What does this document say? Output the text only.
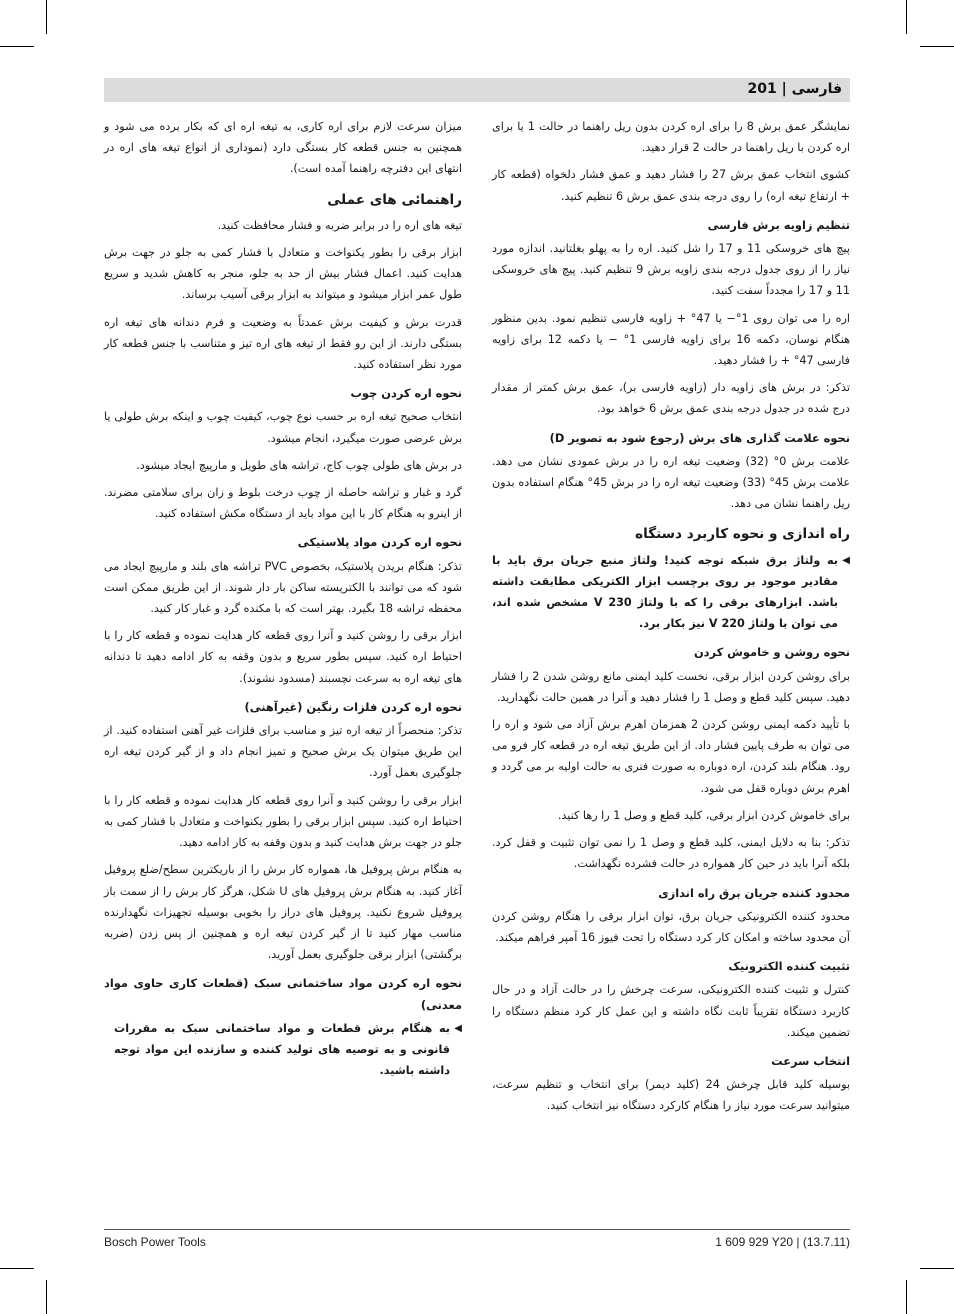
فارسی | 201

نمایشگر عمق برش 8 را برای اره کردن بدون ریل راهنما در حالت 1 یا برای اره کردن با ریل راهنما در حالت 2 قرار دهید.

کشوی انتخاب عمق برش 27 را فشار دهید و عمق فشار دلخواه (قطعه کار + ارتفاع تیغه اره) را روی درجه بندی عمق برش 6 تنظیم کنید.

تنظیم زاویه برش فارسی

پیچ های خروسکی 11 و 17 را شل کنید. اره را به پهلو بغلتانید. اندازه مورد نیاز را از روی جدول درجه بندی زاویه برش 9 تنظیم کنید. پیچ های خروسکی 11 و 17 را مجدداً سفت کنید.

اره را می توان روی 1°− یا 47° + زاویه فارسی تنظیم نمود. بدین منظور هنگام نوسان، دکمه 16 برای زاویه فارسی 1° − یا دکمه 12 برای زاویه فارسی 47° + را فشار دهید.

تذکر: در برش های زاویه دار (زاویه فارسی بر)، عمق برش کمتر از مقدار درج شده در جدول درجه بندی عمق برش 6 خواهد بود.

نحوه علامت گذاری های برش (رجوع شود به تصویر D)

علامت برش 0° (32) وضعیت تیغه اره را در برش عمودی نشان می دهد. علامت برش 45° (33) وضعیت تیغه اره را در برش 45° هنگام استفاده بدون ریل راهنما نشان می دهد.

راه اندازی و نحوه کاربرد دستگاه
◀
به ولتاژ برق شبکه توجه کنید! ولتاژ منبع جریان برق باید با مقادیر موجود بر روی برچسب ابزار الکتریکی مطابقت داشته باشد. ابزارهای برقی را که با ولتاژ 230 V مشخص شده اند، می توان با ولتاژ 220 V نیز بکار برد.
نحوه روشن و خاموش کردن

برای روشن کردن ابزار برقی، نخست کلید ایمنی مانع روشن شدن 2 را فشار دهید. سپس کلید قطع و وصل 1 را فشار دهید و آنرا در همین حالت نگهدارید.

با تأیید دکمه ایمنی روشن کردن 2 همزمان اهرم برش آزاد می شود و اره را می توان به طرف پایین فشار داد. از این طریق تیغه اره در قطعه کار فرو می رود. هنگام بلند کردن، اره دوباره به صورت فنری به حالت اولیه بر می گردد و اهرم برش دوباره قفل می شود.

برای خاموش کردن ابزار برقی، کلید قطع و وصل 1 را رها کنید.

تذکر: بنا به دلایل ایمنی، کلید قطع و وصل 1 را نمی توان تثبیت و قفل کرد. بلکه آنرا باید در حین کار همواره در حالت فشرده نگهداشت.

محدود کننده جریان برق راه اندازی

محدود کننده الکترونیکی جریان برق، توان ابزار برقی را هنگام روشن کردن آن محدود ساخته و امکان کار کرد دستگاه را تحت فیوز 16 آمپر فراهم میکند.

تثبیت کننده الکترونیک

کنترل و تثبیت کننده الکترونیکی، سرعت چرخش را در حالت آزاد و در حال کاربرد دستگاه تقریباً ثابت نگاه داشته و این عمل کار کرد منظم دستگاه را تضمین میکند.

انتخاب سرعت

بوسیله کلید قابل چرخش 24 (کلید دیمر) برای انتخاب و تنظیم سرعت، میتوانید سرعت مورد نیاز را هنگام کارکرد دستگاه نیز انتخاب کنید.

میزان سرعت لازم برای اره کاری، به تیغه اره ای که بکار برده می شود و همچنین به جنس قطعه کار بستگی دارد (نموداری از انواع تیغه های اره در انتهای این دفترچه راهنما آمده است).

راهنمائی های عملی

تیغه های اره را در برابر ضربه و فشار محافظت کنید.

ابزار برقی را بطور یکنواخت و متعادل با فشار کمی به جلو در جهت برش هدایت کنید. اعمال فشار بیش از حد به جلو، منجر به کاهش شدید و سریع طول عمر ابزار میشود و میتواند به ابزار برقی آسیب برساند.

قدرت برش و کیفیت برش عمدتاً به وضعیت و فرم دندانه های تیغه اره بستگی دارند. از این رو فقط از تیغه های اره تیز و متناسب با جنس قطعه کار مورد نظر استفاده کنید.

نحوه اره کردن چوب

انتخاب صحیح تیغه اره بر حسب نوع چوب، کیفیت چوب و اینکه برش طولی یا برش عرضی صورت میگیرد، انجام میشود.

در برش های طولی چوب کاج، تراشه های طویل و مارپیچ ایجاد میشود.

گرد و غبار و تراشه حاصله از چوب درخت بلوط و زان برای سلامتی مضرند. از اینرو به هنگام کار با این مواد باید از دستگاه مکش استفاده کنید.

نحوه اره کردن مواد پلاستیکی

تذکر: هنگام بریدن پلاستیک، بخصوص PVC تراشه های بلند و مارپیچ ایجاد می شود که می توانند با الکتریسته ساکن بار دار شوند. از این طریق ممکن است محفظه تراشه 18 بگیرد. بهتر است که با مکنده گرد و غبار کار کنید.

ابزار برقی را روشن کنید و آنرا روی قطعه کار هدایت نموده و قطعه کار را با احتیاط اره کنید. سپس بطور سریع و بدون وقفه به کار ادامه دهید تا دندانه های تیغه اره به سرعت نچسبند (مسدود نشوند).

نحوه اره کردن فلزات رنگین (غیرآهنی)

تذکر: منحصراً از تیغه اره تیز و مناسب برای فلزات غیر آهنی استفاده کنید. از این طریق میتوان یک برش صحیح و تمیز انجام داد و از گیر کردن تیغه اره جلوگیری بعمل آورد.

ابزار برقی را روشن کنید و آنرا روی قطعه کار هدایت نموده و قطعه کار را با احتیاط اره کنید. سپس ابزار برقی را بطور یکنواخت و متعادل با فشار کمی به جلو در جهت برش هدایت کنید و بدون وقفه به کار ادامه دهید.

به هنگام برش پروفیل ها، همواره کار برش را از باریکترین سطح/ضلع پروفیل آغاز کنید. به هنگام برش پروفیل های U شکل، هرگز کار برش را از سمت باز پروفیل شروع نکنید. پروفیل های دراز را بخوبی بوسیله تجهیزات نگهدارنده مناسب مهار کنید تا از گیر کردن تیغه اره و همچنین از پس زدن (ضربه برگشتی) ابزار برقی جلوگیری بعمل آورید.

نحوه اره کردن مواد ساختمانی سبک (قطعات کاری حاوی مواد معدنی)
◀
به هنگام برش قطعات و مواد ساختمانی سبک به مقررات قانونی و به توصیه های تولید کننده و سازنده این مواد توجه داشته باشید.
Bosch Power Tools	1 609 929 Y20 | (13.7.11)
